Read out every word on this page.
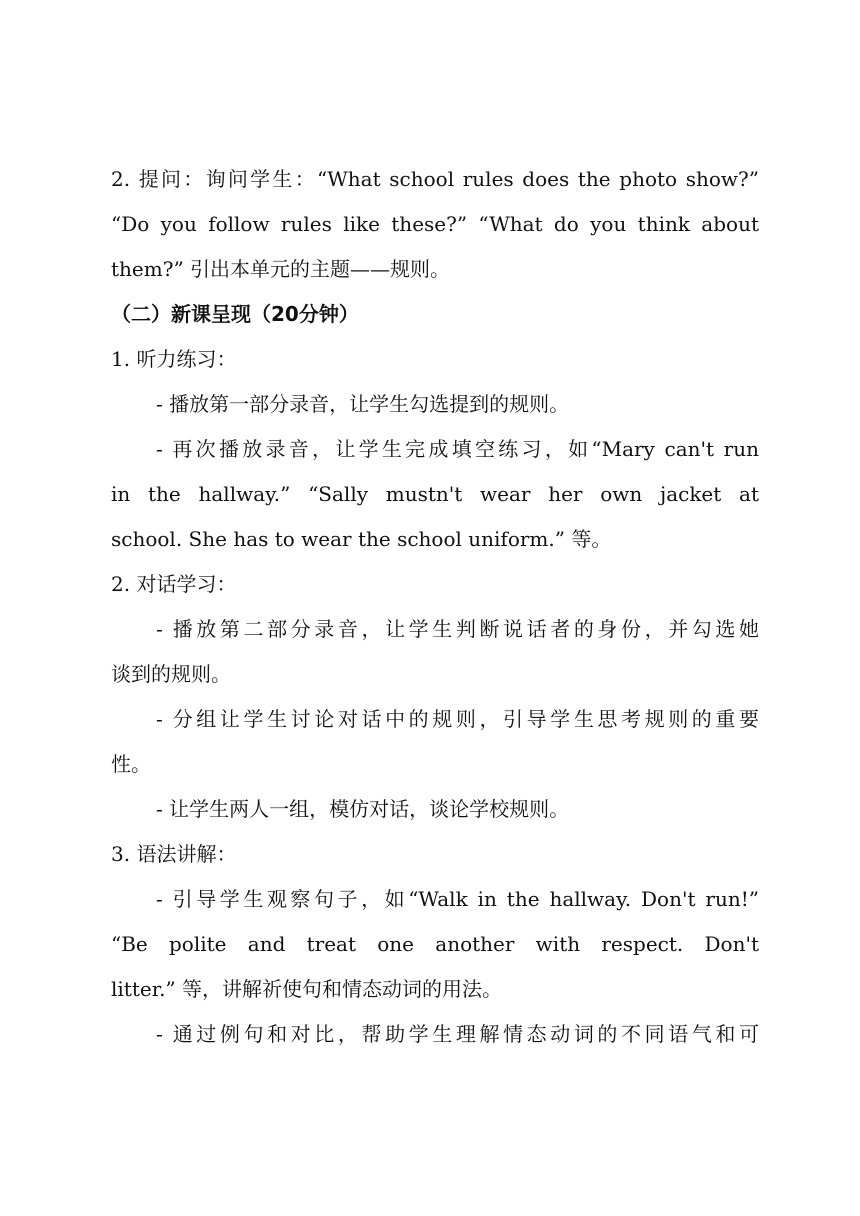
2. 提问：询问学生：“What school rules does the photo show?”
“Do you follow rules like these?” “What do you think about
them?” 引出本单元的主题——规则。
（二）新课呈现（20分钟）
1. 听力练习：
- 播放第一部分录音，让学生勾选提到的规则。
- 再次播放录音，让学生完成填空练习，如“Mary can't run
in the hallway.” “Sally mustn't wear her own jacket at
school. She has to wear the school uniform.” 等。
2. 对话学习：
- 播放第二部分录音，让学生判断说话者的身份，并勾选她
谈到的规则。
- 分组让学生讨论对话中的规则，引导学生思考规则的重要
性。
- 让学生两人一组，模仿对话，谈论学校规则。
3. 语法讲解：
- 引导学生观察句子，如“Walk in the hallway. Don't run!”
“Be polite and treat one another with respect. Don't
litter.” 等，讲解祈使句和情态动词的用法。
- 通过例句和对比，帮助学生理解情态动词的不同语气和可
